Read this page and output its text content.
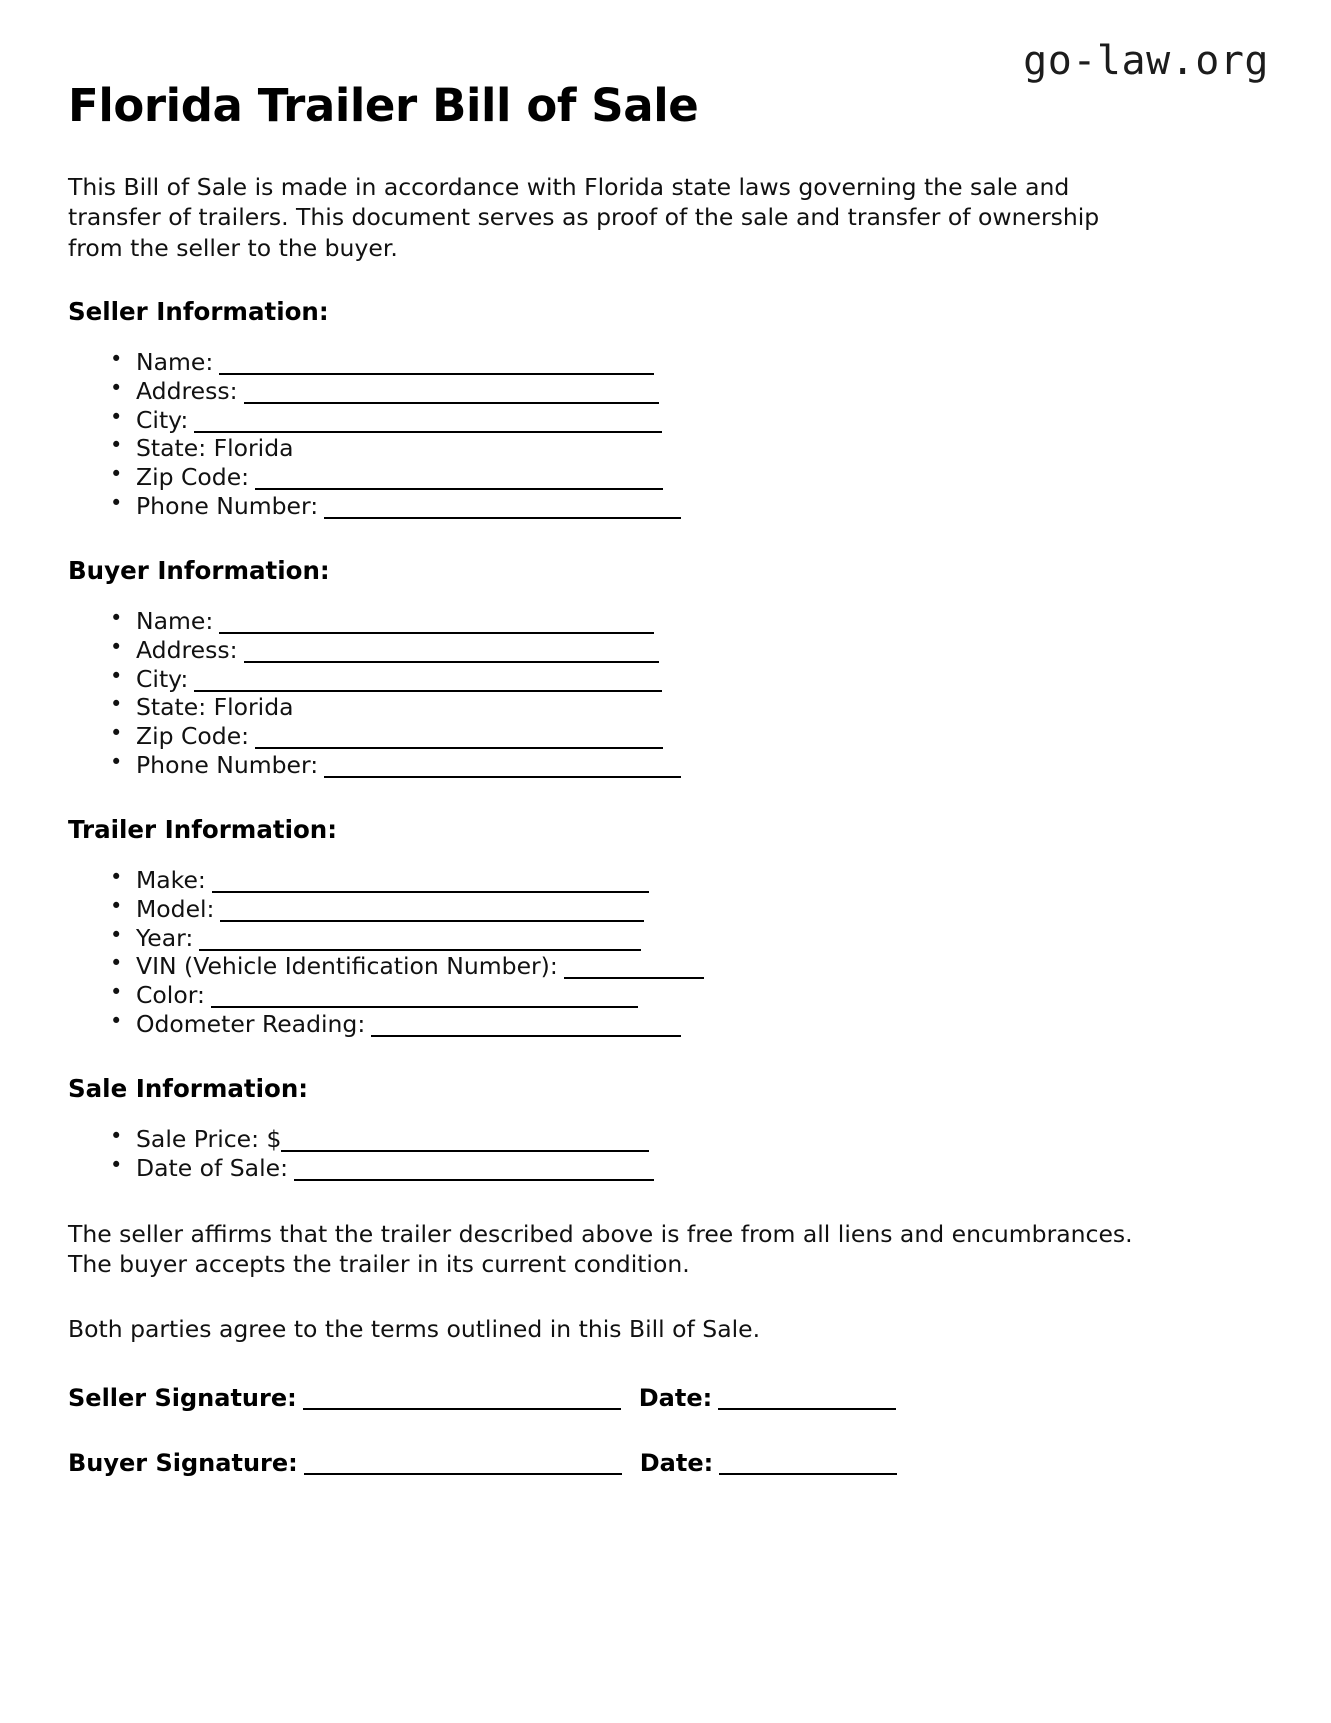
go-law.org
Florida Trailer Bill of Sale

This Bill of Sale is made in accordance with Florida state laws governing the sale and transfer of trailers. This document serves as proof of the sale and transfer of ownership from the seller to the buyer.

Seller Information:
• Name:
• Address:
• City:
• State: Florida
• Zip Code:
• Phone Number:
Buyer Information:
• Name:
• Address:
• City:
• State: Florida
• Zip Code:
• Phone Number:
Trailer Information:
• Make:
• Model:
• Year:
• VIN (Vehicle Identification Number):
• Color:
• Odometer Reading:
Sale Information:
• Sale Price: $
• Date of Sale:

The seller affirms that the trailer described above is free from all liens and encumbrances. The buyer accepts the trailer in its current condition.

Both parties agree to the terms outlined in this Bill of Sale.

Seller Signature:	Date:
Buyer Signature:	Date:
